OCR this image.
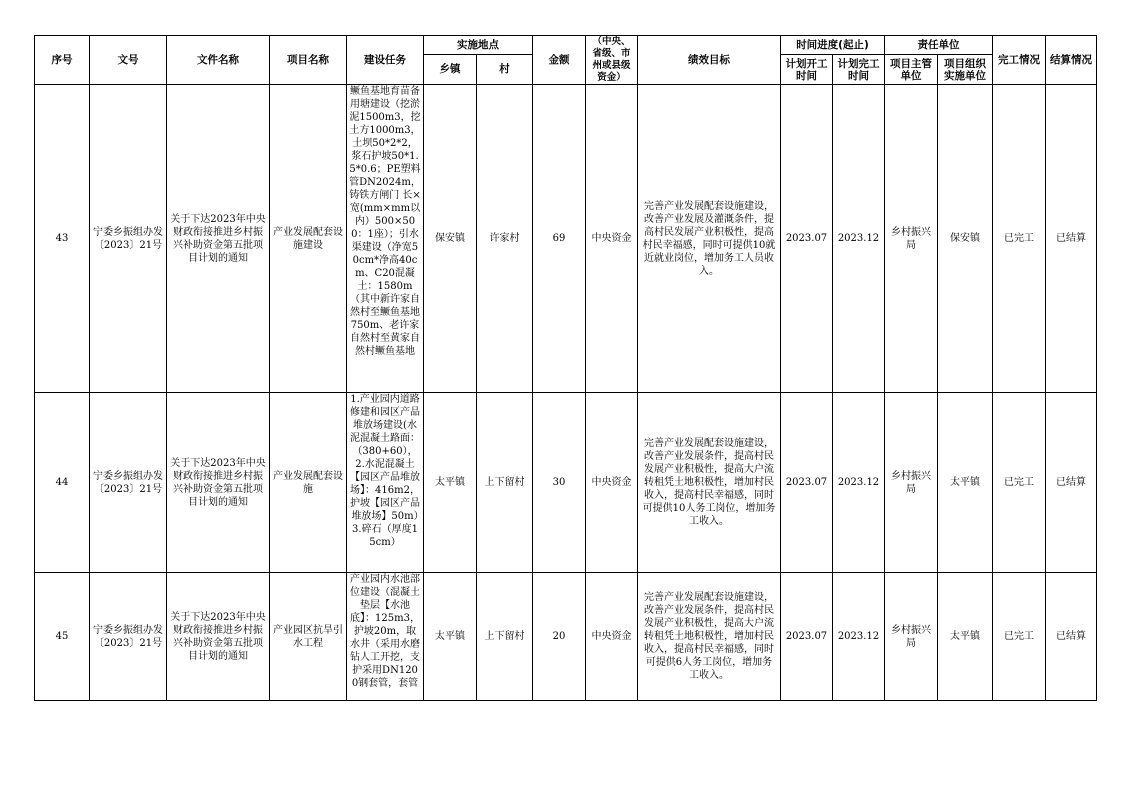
序号	文号	文件名称	项目名称	建设任务	实施地点		金额	（中央、省级、市州或县级资金）	绩效目标	时间进度(起止)		责任单位		完工情况	结算情况
					乡镇	村				计划开工时间	计划完工时间	项目主管单位	项目组织实施单位		
43	宁委乡振组办发〔2023〕21号	关于下达2023年中央财政衔接推进乡村振兴补助资金第五批项目计划的通知	产业发展配套设施建设	鳜鱼基地育苗备用塘建设（挖淤泥1500m3，挖土方1000m3，土坝50*2*2，浆石护坡50*1.5*0.6；PE塑料管DN2024m，铸铁方闸门 长×宽(mm×mm以内）500×500：1座）；引水渠建设（净宽50cm*净高40cm、C20混凝土：1580m（其中新许家自然村至鳜鱼基地750m、老许家自然村至黄家自然村鳜鱼基地	保安镇	许家村	69	中央资金	完善产业发展配套设施建设，改善产业发展及灌溉条件，提高村民发展产业积极性，提高村民幸福感，同时可提供10就近就业岗位，增加务工人员收入。	2023.07	2023.12	乡村振兴局	保安镇	已完工	已结算
44	宁委乡振组办发〔2023〕21号	关于下达2023年中央财政衔接推进乡村振兴补助资金第五批项目计划的通知	产业发展配套设施	1.产业园内道路修建和园区产品堆放场建设(水泥混凝土路面：（380+60），2.水泥混凝土【园区产品堆放场】：416m2，护坡【园区产品堆放场】50m）3.碎石（厚度15cm）	太平镇	上下留村	30	中央资金	完善产业发展配套设施建设，改善产业发展条件，提高村民发展产业积极性，提高大户流转租凭土地积极性，增加村民收入，提高村民幸福感，同时可提供10人务工岗位，增加务工收入。	2023.07	2023.12	乡村振兴局	太平镇	已完工	已结算
45	宁委乡振组办发〔2023〕21号	关于下达2023年中央财政衔接推进乡村振兴补助资金第五批项目计划的通知	产业园区抗旱引水工程	产业园内水池部位建设（混凝土垫层【水池底】：125m3，护坡20m，取水井（采用水磨钻人工开挖，支护采用DN1200钢套管，套管	太平镇	上下留村	20	中央资金	完善产业发展配套设施建设，改善产业发展条件，提高村民发展产业积极性，提高大户流转租凭土地积极性，增加村民收入，提高村民幸福感，同时可提供6人务工岗位，增加务工收入。	2023.07	2023.12	乡村振兴局	太平镇	已完工	已结算
